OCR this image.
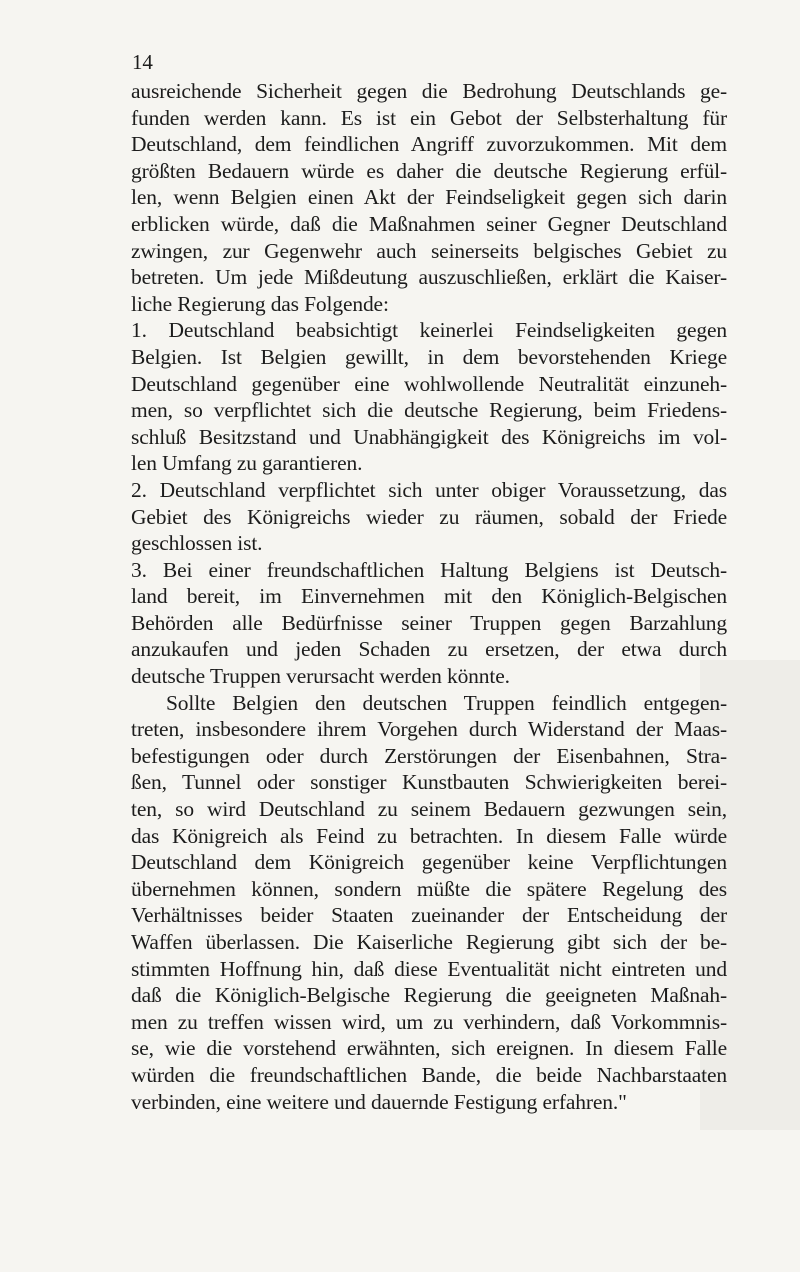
14
ausreichende Sicherheit gegen die Bedrohung Deutschlands ge-
funden werden kann. Es ist ein Gebot der Selbsterhaltung für
Deutschland, dem feindlichen Angriff zuvorzukommen. Mit dem
größten Bedauern würde es daher die deutsche Regierung erfül-
len, wenn Belgien einen Akt der Feindseligkeit gegen sich darin
erblicken würde, daß die Maßnahmen seiner Gegner Deutschland
zwingen, zur Gegenwehr auch seinerseits belgisches Gebiet zu
betreten. Um jede Mißdeutung auszuschließen, erklärt die Kaiser-
liche Regierung das Folgende:
1. Deutschland beabsichtigt keinerlei Feindseligkeiten gegen
Belgien. Ist Belgien gewillt, in dem bevorstehenden Kriege
Deutschland gegenüber eine wohlwollende Neutralität einzuneh-
men, so verpflichtet sich die deutsche Regierung, beim Friedens-
schluß Besitzstand und Unabhängigkeit des Königreichs im vol-
len Umfang zu garantieren.
2. Deutschland verpflichtet sich unter obiger Voraussetzung, das
Gebiet des Königreichs wieder zu räumen, sobald der Friede
geschlossen ist.
3. Bei einer freundschaftlichen Haltung Belgiens ist Deutsch-
land bereit, im Einvernehmen mit den Königlich-Belgischen
Behörden alle Bedürfnisse seiner Truppen gegen Barzahlung
anzukaufen und jeden Schaden zu ersetzen, der etwa durch
deutsche Truppen verursacht werden könnte.
Sollte Belgien den deutschen Truppen feindlich entgegen-
treten, insbesondere ihrem Vorgehen durch Widerstand der Maas-
befestigungen oder durch Zerstörungen der Eisenbahnen, Stra-
ßen, Tunnel oder sonstiger Kunstbauten Schwierigkeiten berei-
ten, so wird Deutschland zu seinem Bedauern gezwungen sein,
das Königreich als Feind zu betrachten. In diesem Falle würde
Deutschland dem Königreich gegenüber keine Verpflichtungen
übernehmen können, sondern müßte die spätere Regelung des
Verhältnisses beider Staaten zueinander der Entscheidung der
Waffen überlassen. Die Kaiserliche Regierung gibt sich der be-
stimmten Hoffnung hin, daß diese Eventualität nicht eintreten und
daß die Königlich-Belgische Regierung die geeigneten Maßnah-
men zu treffen wissen wird, um zu verhindern, daß Vorkommnis-
se, wie die vorstehend erwähnten, sich ereignen. In diesem Falle
würden die freundschaftlichen Bande, die beide Nachbarstaaten
verbinden, eine weitere und dauernde Festigung erfahren."
